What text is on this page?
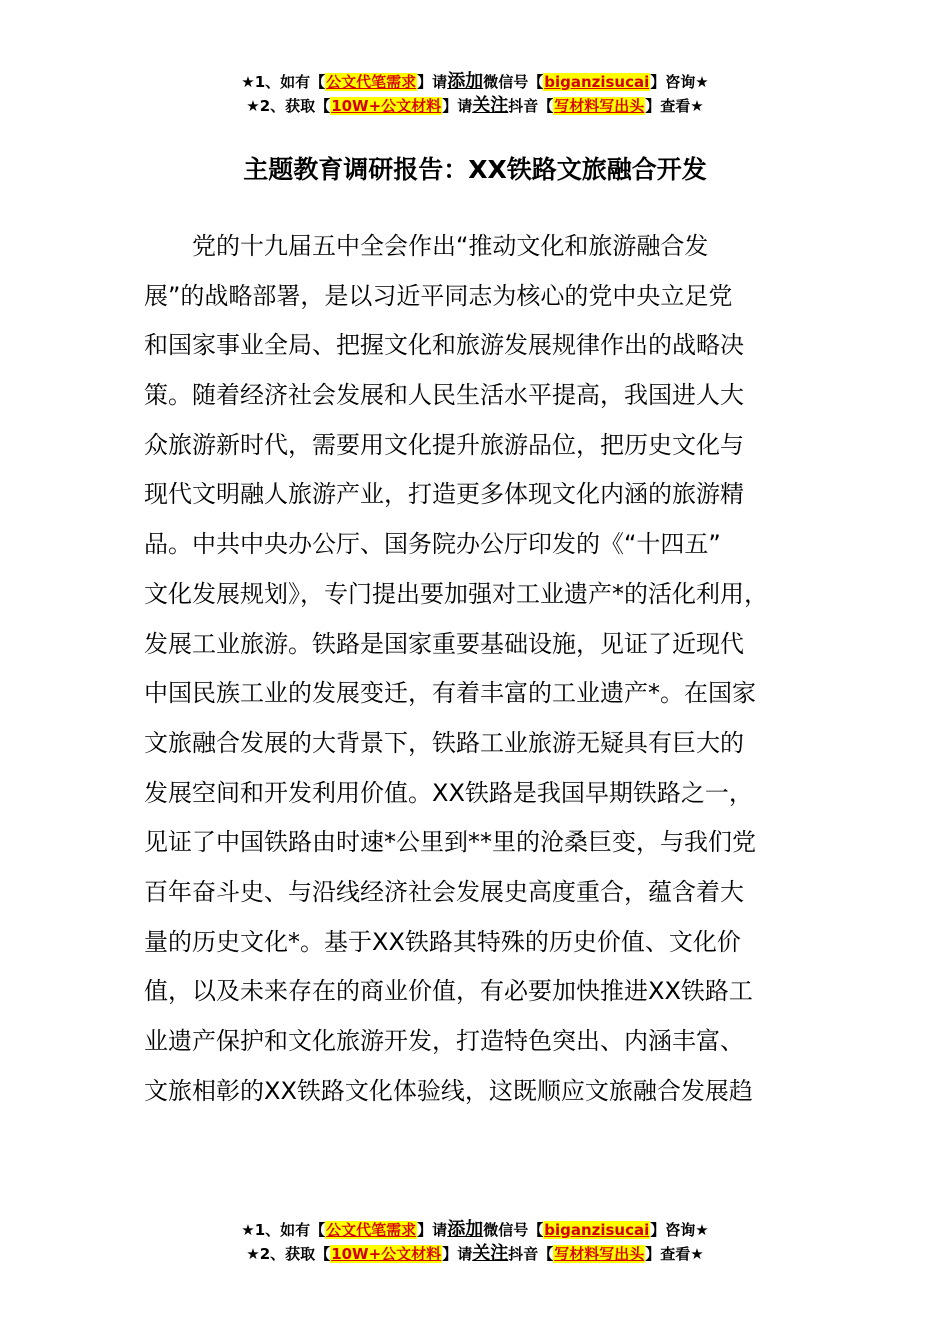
★1、如有【公文代笔需求】请添加微信号【biganzisucai】咨询★
★2、获取【10W+公文材料】请关注抖音【写材料写出头】查看★
主题教育调研报告：XX铁路文旅融合开发
党的十九届五中全会作出“推动文化和旅游融合发
展”的战略部署，是以习近平同志为核心的党中央立足党
和国家事业全局、把握文化和旅游发展规律作出的战略决
策。随着经济社会发展和人民生活水平提高，我国进人大
众旅游新时代，需要用文化提升旅游品位，把历史文化与
现代文明融人旅游产业，打造更多体现文化内涵的旅游精
品。中共中央办公厅、国务院办公厅印发的《“十四五”
文化发展规划》，专门提出要加强对工业遗产*的活化利用，
发展工业旅游。铁路是国家重要基础设施，见证了近现代
中国民族工业的发展变迁，有着丰富的工业遗产*。在国家
文旅融合发展的大背景下，铁路工业旅游无疑具有巨大的
发展空间和开发利用价值。XX铁路是我国早期铁路之一，
见证了中国铁路由时速*公里到**里的沧桑巨变，与我们党
百年奋斗史、与沿线经济社会发展史高度重合，蕴含着大
量的历史文化*。基于XX铁路其特殊的历史价值、文化价
值，以及未来存在的商业价值，有必要加快推进XX铁路工
业遗产保护和文化旅游开发，打造特色突出、内涵丰富、
文旅相彰的XX铁路文化体验线，这既顺应文旅融合发展趋
★1、如有【公文代笔需求】请添加微信号【biganzisucai】咨询★
★2、获取【10W+公文材料】请关注抖音【写材料写出头】查看★
